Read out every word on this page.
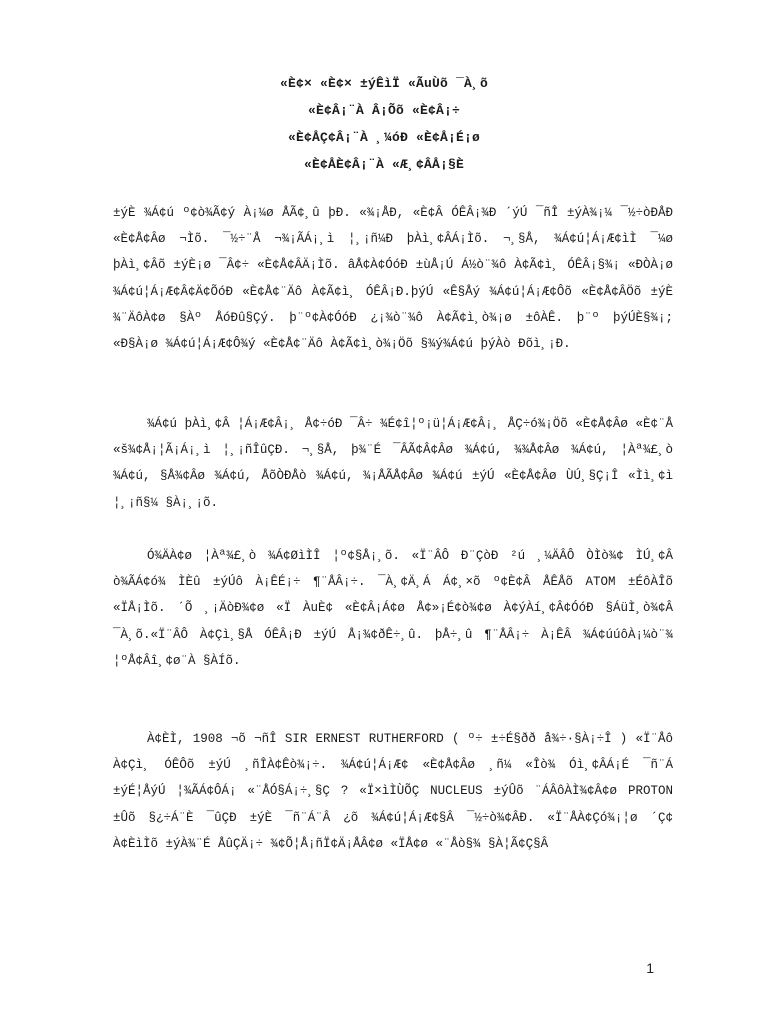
«È¢× «È¢× ±ýÊìÏ «ÃuÙõ ¯À¸õ
«È¢Â¡¨À Â¡Õõ «È¢Â¡÷
«È¢ÅÇ¢Â¡¨À ¸¼óÐ «È¢Å¡É¡ø
«È¢ÅÈ¢Â¡¨À «Æ¸¢ÂÅ¡§È

±ýÈ ¾Á¢ú º¢ò¾Ã¢ý À¡¼ø ÅÃ¢¸û þÐ. «¾¡ÅÐ, «È¢Â ÓÊÂ¡¾Ð ´ýÚ ¯ñÎ ±ýÀ¾¡¼ ¯½÷òÐÅÐ «È¢Å¢Âø ¬Ìõ. ¯½÷¨Å ¬¾¡ÃÁ¡¸ì ¦¸¡ñ¼Ð þÀì¸¢ÂÁ¡Ìõ. ¬¸§Å, ¾Á¢ú¦Á¡Æ¢ìÌ ¯¼ø þÀì¸¢Âõ ±ýÈ¡ø ¯Â¢÷ «È¢Å¢ÂÄ¡Ìõ. âÅ¢À¢ÓóÐ ±ùÅ¡Ú Á½ò¨¾ô À¢Ã¢ì¸ ÓÊÂ¡§¾¡ «ÐÒÀ¡ø ¾Á¢ú¦Á¡Æ¢Â¢Ä¢ÕóÐ «È¢Å¢¨Äô À¢Ã¢ì¸ ÓÊÂ¡Ð.þýÚ «Ê§Åý ¾Á¢ú¦Á¡Æ¢Ôõ «È¢Å¢ÂÖõ ±ýÈ ¾¨ÄôÀ¢ø §Àº ÅóÐû§Çý. þ¨º¢À¢ÓóÐ ¿¡¾ò¨¾ô À¢Ã¢ì¸ò¾¡ø ±ôÀÊ. þ¨º þýÚÈ§¾¡; «Ð§À¡ø ¾Á¢ú¦Á¡Æ¢Ô¾ý «È¢Å¢¨Äô À¢Ã¢ì¸ò¾¡Öõ §¾ý¾Á¢ú þýÀò Ðõì¸¡Ð.

¾Á¢ú þÀì¸¢Â ¦Á¡Æ¢Â¡¸ Å¢÷óÐ ¯Â÷ ¾É¢î¦º¡ü¦Á¡Æ¢Â¡¸ ÅÇ÷ó¾¡Öõ «È¢Å¢Âø «È¢¨Å «š¾¢Å¡¦Ã¡Á¡¸ì ¦¸¡ñÎûÇÐ. ¬¸§Å, þ¾¨É ¯ÂÃ¢Â¢Âø ¾Á¢ú, ¾¾Å¢Âø ¾Á¢ú, ¦Àª¾£¸ò ¾Á¢ú, §Å¾¢Âø ¾Á¢ú, ÅõÒÐÅò ¾Á¢ú, ¾¡ÅÃÅ¢Âø ¾Á¢ú ±ýÚ «È¢Å¢Âø ÙÚ¸§Ç¡Î «Ìì¸¢ì ¦¸¡ñ§¼ §À¡¸¡õ.

Ó¾ÄÀ¢ø ¦Àª¾£¸ò ¾Á¢ØìÌÎ ¦º¢§Å¡¸õ. «Ï¨ÂÔ Ð¨ÇòÐ ²ú ¸¼ÄÂÔ ÒÌò¾¢ ÌÚ¸¢Â ò¾ÃÁ¢ó¾ ÌÈû ±ýÚô À¡ÊÉ¡÷ ¶¨ÅÂ¡÷. ¯À¸¢Ä¸Á Á¢¸×õ º¢È¢Â ÅÊÅõ ATOM ±ÉôÀÎõ «ÏÅ¡Ìõ. ´Õ ¸¡ÄòÐ¾¢ø «Ï ÀuÈ¢ «È¢Â¡Á¢ø Å¢»¡É¢ò¾¢ø À¢ýÀí¸¢Â¢ÓóÐ §ÁüÌ¸ò¾¢Â ¯À¸õ.«Ï¨ÂÔ À¢Çì¸§Å ÓÊÂ¡Ð ±ýÚ Å¡¾¢ðÊ÷¸û. þÅ÷¸û ¶¨ÅÂ¡÷ À¡ÊÂ ¾Á¢úúôÀ¡¼ò¨¾ ¦ºÅ¢Âî¸¢ø¨À §ÀÍõ.

À¢ÈÌ, 1908 ¬õ ¬ñÎ SIR ERNEST RUTHERFORD ( º÷ ±÷É§ðð å¾÷·§À¡÷Î ) «Ï¨Åô À¢Çì¸ ÓÊÔõ ±ýÚ ¸ñÎÀ¢Êò¾¡÷. ¾Á¢ú¦Á¡Æ¢ «È¢Å¢Âø ¸ñ¼ «Îò¾ Óì¸¢ÂÁ¡É ¯ñ¨Á ±ýÉ¦ÅýÚ ¦¾ÃÁ¢ÔÁ¡ «¨ÅÓ§Á¡÷¸§Ç ? «Ï×ìÌÙÕÇ NUCLEUS ±ýÛõ ¨ÁÂôÀÌ¾¢Â¢ø PROTON ±Ûõ §¿÷Á¨È ¯ûÇÐ ±ýÈ ¯ñ¨Á¨Â ¿õ ¾Á¢ú¦Á¡Æ¢§Â ¯½÷ò¾¢ÂÐ. «Ï¨ÅÀ¢Çó¾¡¦ø ´Ç¢ À¢ÈìÌõ ±ýÀ¾¨É ÅûÇÄ¡÷ ¾¢Õ¦Å¡ñÏ¢Ä¡ÅÂ¢ø «ÏÅ¢ø «¨Åò§¾ §À¦Ã¢Ç§Â

1
